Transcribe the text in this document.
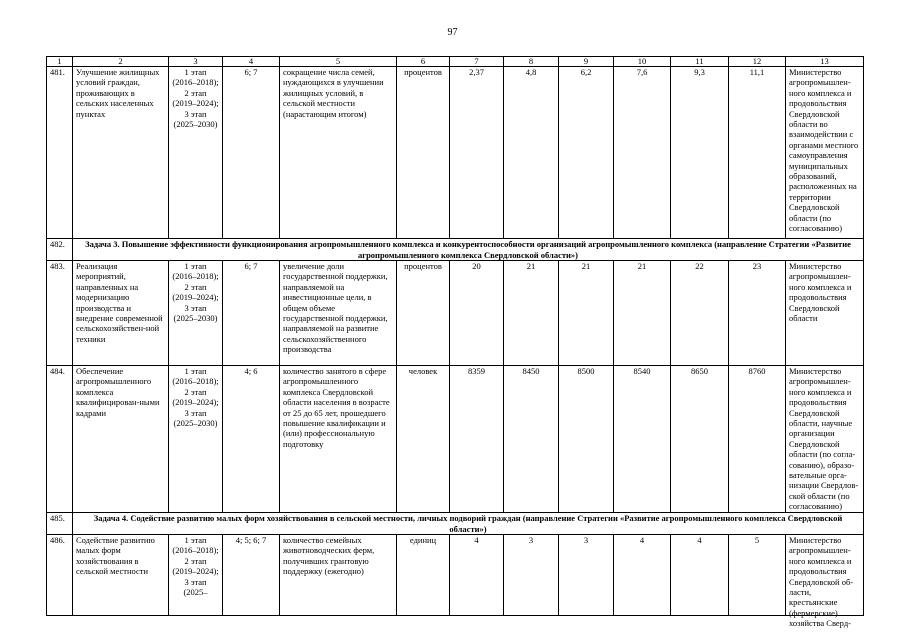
97
1	2	3	4	5	6	7	8	9	10	11	12	13
481.	Улучшение жилищных условий граждан, проживающих в сельских населенных пунктах	1 этап (2016–2018); 2 этап (2019–2024); 3 этап (2025–2030)	6; 7	сокращение числа семей, нуждающихся в улучшении жилищных условий, в сельской местности (нарастающим итогом)	процентов	2,37	4,8	6,2	7,6	9,3	11,1	Министерство агропромышлен-ного комплекса и продовольствия Свердловской области во взаимодействии с органами местного самоуправления муниципальных образований, расположенных на территории Свердловской области (по согласованию)
482.	Задача 3. Повышение эффективности функционирования агропромышленного комплекса и конкурентоспособности организаций агропромышленного комплекса (направление Стратегии «Развитие агропромышленного комплекса Свердловской области»)											
483.	Реализация мероприятий, направленных на модернизацию производства и внедрение современной сельскохозяйствен-ной техники	1 этап (2016–2018); 2 этап (2019–2024); 3 этап (2025–2030)	6; 7	увеличение доли государственной поддержки, направляемой на инвестиционные цели, в общем объеме государственной поддержки, направляемой на развитие сельскохозяйственного производства	процентов	20	21	21	21	22	23	Министерство агропромышлен-ного комплекса и продовольствия Свердловской области
484.	Обеспечение агропромышленного комплекса квалифицирован-ными кадрами	1 этап (2016–2018); 2 этап (2019–2024); 3 этап (2025–2030)	4; 6	количество занятого в сфере агропромышленного комплекса Свердловской области населения в возрасте от 25 до 65 лет, прошедшего повышение квалификации и (или) профессиональную подготовку	человек	8359	8450	8500	8540	8650	8760	Министерство агропромышлен-ного комплекса и продовольствия Свердловской области, научные организации Свердловской области (по согла-сованию), образо-вательные орга-низации Свердлов-ской области (по согласованию)
485.	Задача 4. Содействие развитию малых форм хозяйствования в сельской местности, личных подворий граждан (направление Стратегии «Развитие агропромышленного комплекса Свердловской области»)											

486.	Содействие развитию малых форм хозяйствования в сельской местности	1 этап (2016–2018); 2 этап (2019–2024); 3 этап (2025–	4; 5; 6; 7	количество семейных животноводческих ферм, получивших грантовую поддержку (ежегодно)	единиц	4	3	3	4	4	5	Министерство агропромышлен-ного комплекса и продовольствия Свердловской об-ласти, крестьянские (фермерские) хозяйства Сверд-
